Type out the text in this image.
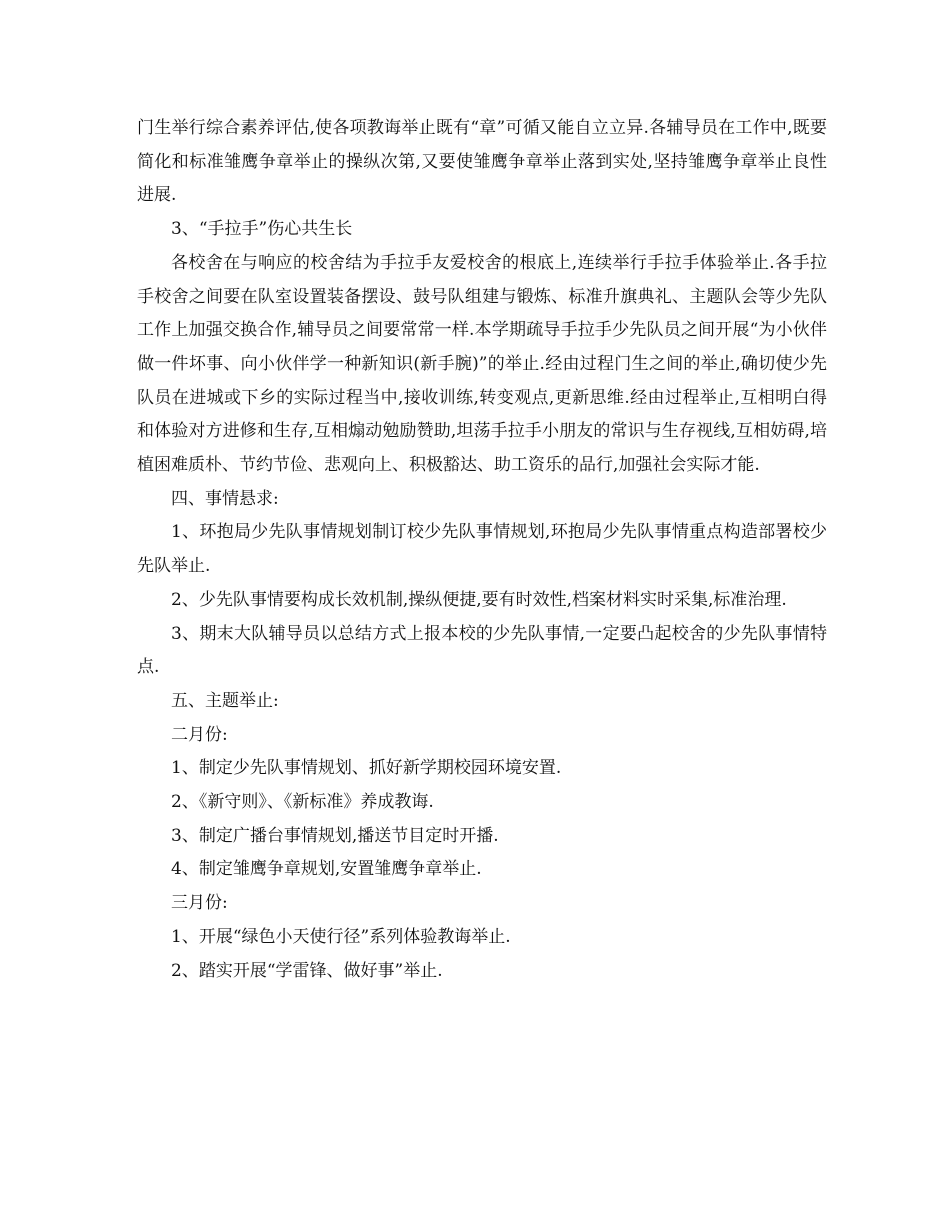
门生举行综合素养评估,使各项教诲举止既有“章”可循又能自立立异.各辅导员在工作中,既要简化和标准雏鹰争章举止的操纵次第,又要使雏鹰争章举止落到实处,坚持雏鹰争章举止良性进展.

3、“手拉手”伤心共生长

各校舍在与响应的校舍结为手拉手友爱校舍的根底上,连续举行手拉手体验举止.各手拉手校舍之间要在队室设置装备摆设、鼓号队组建与锻炼、标准升旗典礼、主题队会等少先队工作上加强交换合作,辅导员之间要常常一样.本学期疏导手拉手少先队员之间开展“为小伙伴做一件坏事、向小伙伴学一种新知识(新手腕)”的举止.经由过程门生之间的举止,确切使少先队员在进城或下乡的实际过程当中,接收训练,转变观点,更新思维.经由过程举止,互相明白得和体验对方进修和生存,互相煽动勉励赞助,坦荡手拉手小朋友的常识与生存视线,互相妨碍,培植困难质朴、节约节俭、悲观向上、积极豁达、助工资乐的品行,加强社会实际才能.

四、事情悬求:

1、环抱局少先队事情规划制订校少先队事情规划,环抱局少先队事情重点构造部署校少先队举止.

2、少先队事情要构成长效机制,操纵便捷,要有时效性,档案材料实时采集,标准治理.

3、期末大队辅导员以总结方式上报本校的少先队事情,一定要凸起校舍的少先队事情特点.

五、主题举止:

二月份:

1、制定少先队事情规划、抓好新学期校园环境安置.

2、《新守则》、《新标准》养成教诲.

3、制定广播台事情规划,播送节目定时开播.

4、制定雏鹰争章规划,安置雏鹰争章举止.

三月份:

1、开展“绿色小天使行径”系列体验教诲举止.

2、踏实开展“学雷锋、做好事”举止.
